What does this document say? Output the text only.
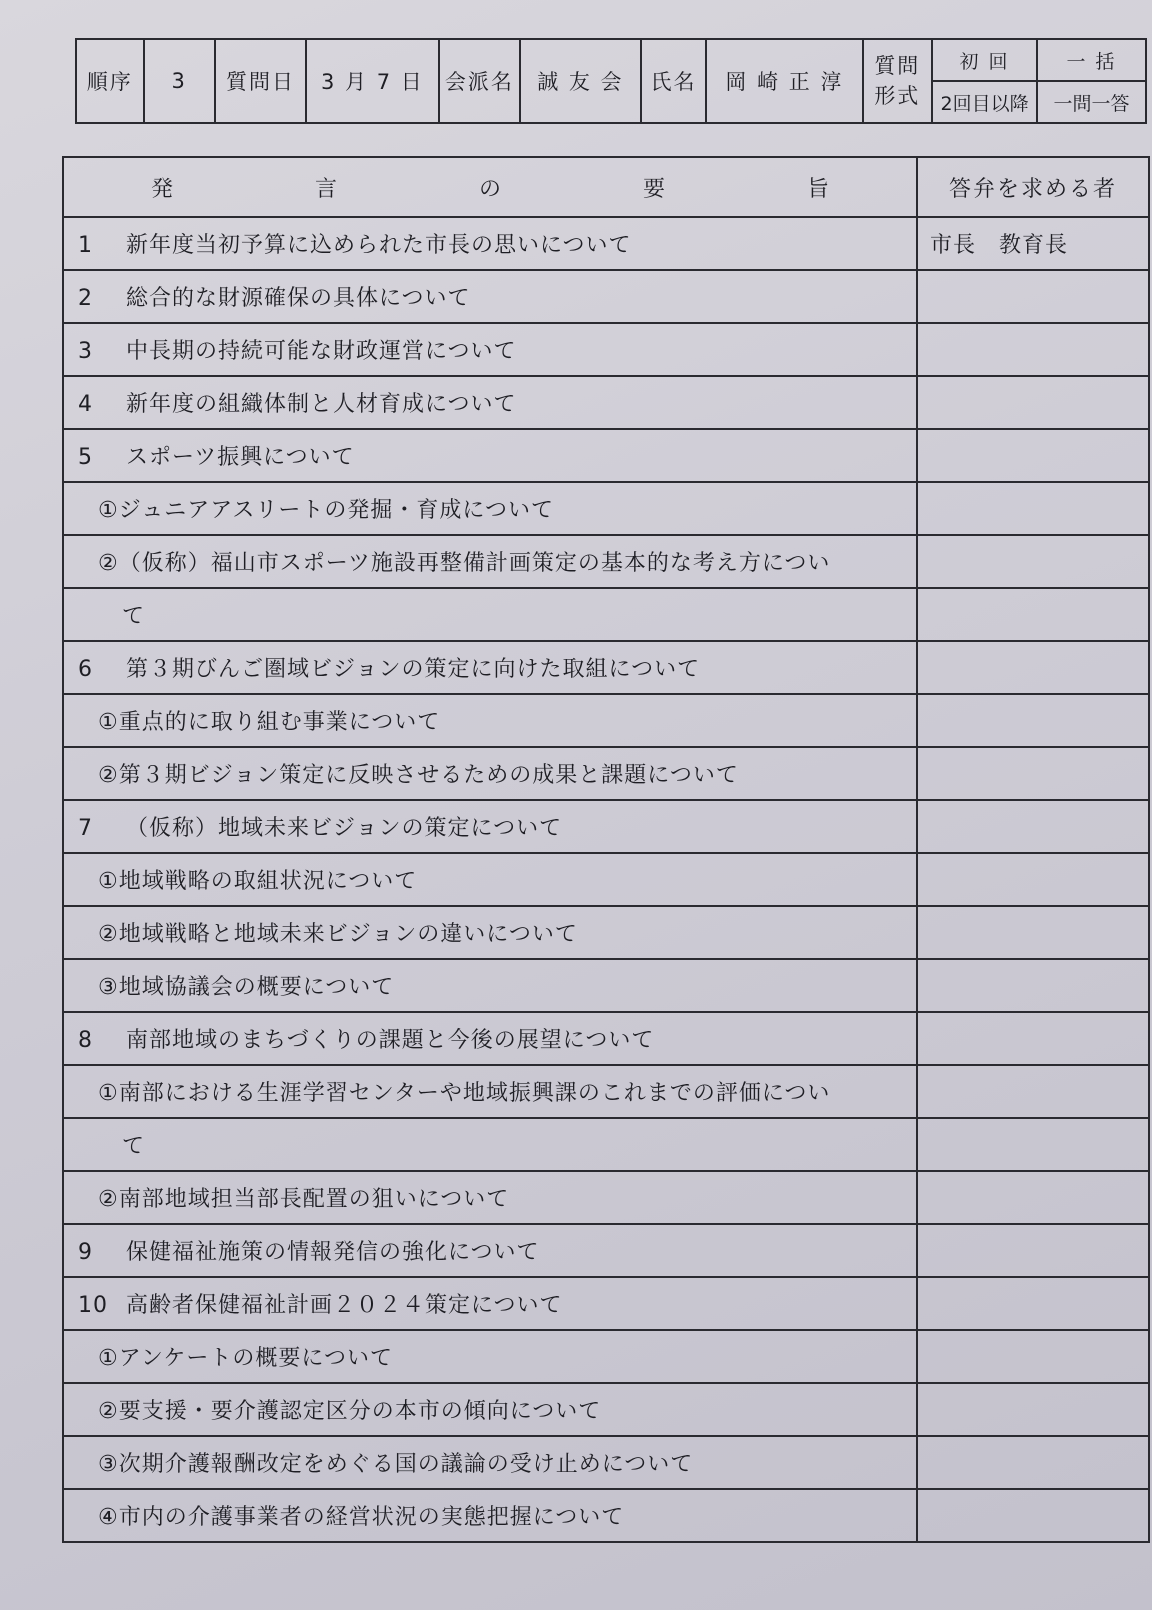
順序	3	質問日	3 月 7 日	会派名	誠 友 会	氏名	岡 崎 正 淳	質問形式	初 回	一 括
									2回目以降	一問一答
発 言 の 要 旨	答弁を求める者
1 新年度当初予算に込められた市長の思いについて	市長　教育長
2 総合的な財源確保の具体について	
3 中長期の持続可能な財政運営について	
4 新年度の組織体制と人材育成について	
5 スポーツ振興について	
①ジュニアアスリートの発掘・育成について	
②（仮称）福山市スポーツ施設再整備計画策定の基本的な考え方につい	
て	
6 第３期びんご圏域ビジョンの策定に向けた取組について	
①重点的に取り組む事業について	
②第３期ビジョン策定に反映させるための成果と課題について	
7 （仮称）地域未来ビジョンの策定について	
①地域戦略の取組状況について	
②地域戦略と地域未来ビジョンの違いについて	
③地域協議会の概要について	
8 南部地域のまちづくりの課題と今後の展望について	
①南部における生涯学習センターや地域振興課のこれまでの評価につい	
て	
②南部地域担当部長配置の狙いについて	
9 保健福祉施策の情報発信の強化について	
10 高齢者保健福祉計画２０２４策定について	
①アンケートの概要について	
②要支援・要介護認定区分の本市の傾向について	
③次期介護報酬改定をめぐる国の議論の受け止めについて	
④市内の介護事業者の経営状況の実態把握について	
